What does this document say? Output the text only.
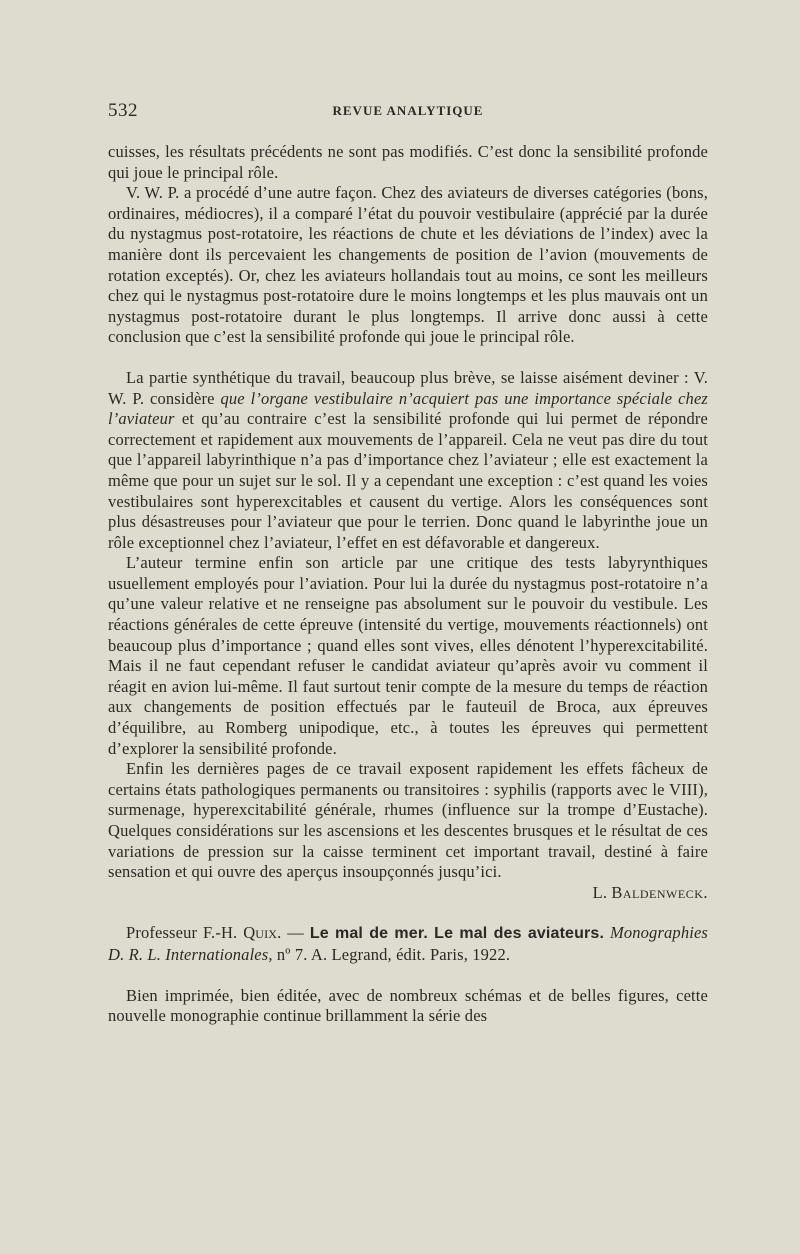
532	REVUE ANALYTIQUE

cuisses, les résultats précédents ne sont pas modifiés. C’est donc la sensibilité profonde qui joue le principal rôle.

V. W. P. a procédé d’une autre façon. Chez des aviateurs de diverses catégories (bons, ordinaires, médiocres), il a comparé l’état du pouvoir vestibulaire (apprécié par la durée du nystagmus post-rotatoire, les réactions de chute et les déviations de l’index) avec la manière dont ils percevaient les changements de position de l’avion (mouvements de rotation exceptés). Or, chez les aviateurs hollandais tout au moins, ce sont les meilleurs chez qui le nystagmus post-rotatoire dure le moins longtemps et les plus mauvais ont un nystagmus post-rotatoire durant le plus longtemps. Il arrive donc aussi à cette conclusion que c’est la sensibilité profonde qui joue le principal rôle.

La partie synthétique du travail, beaucoup plus brève, se laisse aisément deviner : V. W. P. considère que l’organe vestibulaire n’acquiert pas une importance spéciale chez l’aviateur et qu’au contraire c’est la sensibilité profonde qui lui permet de répondre correctement et rapidement aux mouvements de l’appareil. Cela ne veut pas dire du tout que l’appareil labyrinthique n’a pas d’importance chez l’aviateur ; elle est exactement la même que pour un sujet sur le sol. Il y a cependant une exception : c’est quand les voies vestibulaires sont hyperexcitables et causent du vertige. Alors les conséquences sont plus désastreuses pour l’aviateur que pour le terrien. Donc quand le labyrinthe joue un rôle exceptionnel chez l’aviateur, l’effet en est défavorable et dangereux.

L’auteur termine enfin son article par une critique des tests labyrynthiques usuellement employés pour l’aviation. Pour lui la durée du nystagmus post-rotatoire n’a qu’une valeur relative et ne renseigne pas absolument sur le pouvoir du vestibule. Les réactions générales de cette épreuve (intensité du vertige, mouvements réactionnels) ont beaucoup plus d’importance ; quand elles sont vives, elles dénotent l’hyperexcitabilité. Mais il ne faut cependant refuser le candidat aviateur qu’après avoir vu comment il réagit en avion lui-même. Il faut surtout tenir compte de la mesure du temps de réaction aux changements de position effectués par le fauteuil de Broca, aux épreuves d’équilibre, au Romberg unipodique, etc., à toutes les épreuves qui permettent d’explorer la sensibilité profonde.

Enfin les dernières pages de ce travail exposent rapidement les effets fâcheux de certains états pathologiques permanents ou transitoires : syphilis (rapports avec le VIII), surmenage, hyperexcitabilité générale, rhumes (influence sur la trompe d’Eustache). Quelques considérations sur les ascensions et les descentes brusques et le résultat de ces variations de pression sur la caisse terminent cet important travail, destiné à faire sensation et qui ouvre des aperçus insoupçonnés jusqu’ici.
L. Baldenweck.

Professeur F.-H. Quix. — Le mal de mer. Le mal des aviateurs. Monographies D. R. L. Internationales, nº 7. A. Legrand, édit. Paris, 1922.

Bien imprimée, bien éditée, avec de nombreux schémas et de belles figures, cette nouvelle monographie continue brillamment la série des
